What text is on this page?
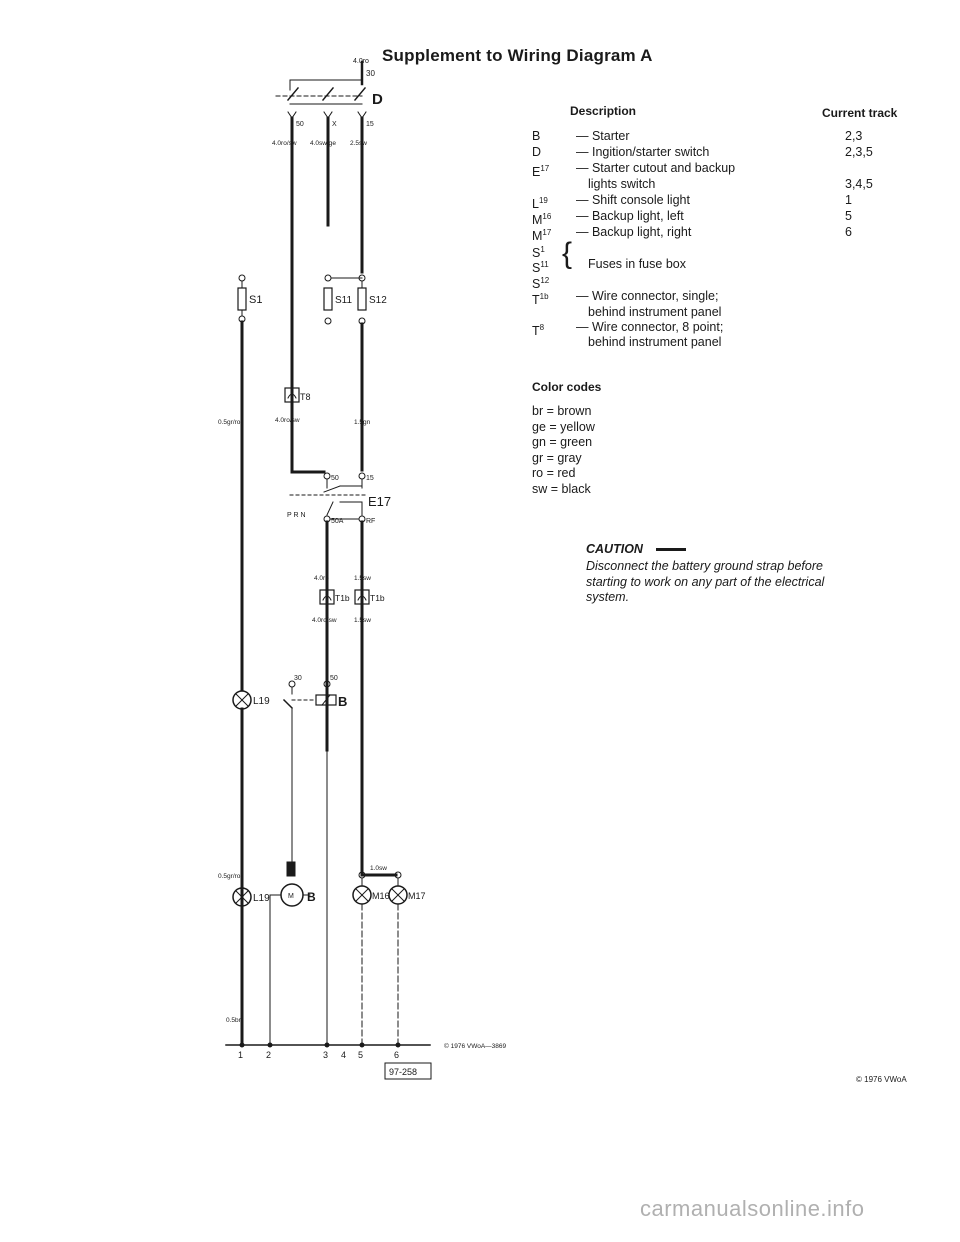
4.0ro
30
D
50	X	15
4.0ro/sw 4.0sw/ge 2.5sw
S1	S11 S12
T8
0.5gr/ro	4.0ro/sw	1.5gn
50	15
E17
P R N
50A	RF
4.0ro	1.5sw
T1b T1b
4.0ro/sw	1.5sw
30	50
B
L19
1.0sw
0.5gr/ro
L19	M B	M16 M17
0.5br
1	2	3 4 5	6
97-258
© 1976 VWoA—3869
{
Supplement to Wiring Diagram A
Description	Current track
B	— Starter	2,3
D	— Ingition/starter switch	2,3,5
$E^{17}$	— Starter cutout and backup
lights switch	3,4,5
$L^{19}$	— Shift console light	1
$M^{16}$	— Backup light, left	5
$M^{17}$	— Backup light, right	6
$S^1$
$S^{11}$	Fuses in fuse box
$S^{12}$
$T^{1b}$	— Wire connector, single;
behind instrument panel
$T^8$	— Wire connector, 8 point;
behind instrument panel
Color codes
br = brown
ge = yellow
gn = green
gr = gray
ro = red
sw = black
CAUTION
Disconnect the battery ground strap before starting to work on any part of the electrical system.
© 1976 VWoA
carmanualsonline.info
